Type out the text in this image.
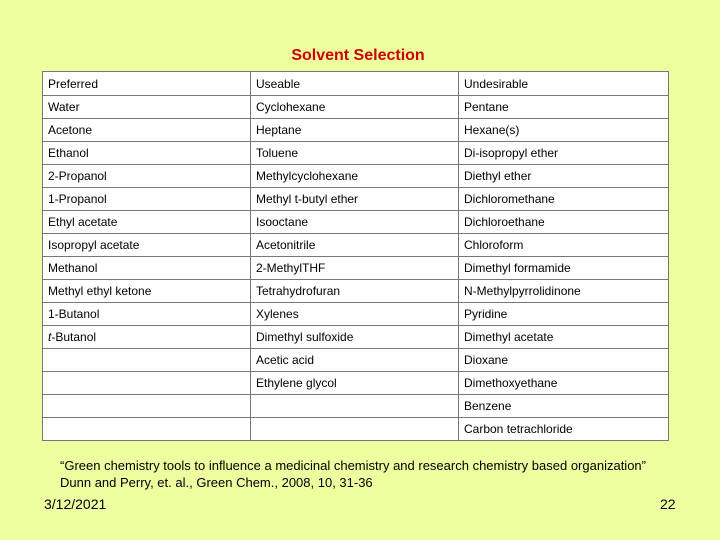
Solvent Selection
Preferred	Useable	Undesirable
Water	Cyclohexane	Pentane
Acetone	Heptane	Hexane(s)
Ethanol	Toluene	Di-isopropyl ether
2-Propanol	Methylcyclohexane	Diethyl ether
1-Propanol	Methyl t-butyl ether	Dichloromethane
Ethyl acetate	Isooctane	Dichloroethane
Isopropyl acetate	Acetonitrile	Chloroform
Methanol	2-MethylTHF	Dimethyl formamide
Methyl ethyl ketone	Tetrahydrofuran	N-Methylpyrrolidinone
1-Butanol	Xylenes	Pyridine
t-Butanol	Dimethyl sulfoxide	Dimethyl acetate
	Acetic acid	Dioxane
	Ethylene glycol	Dimethoxyethane
		Benzene
		Carbon tetrachloride
“Green chemistry tools to influence a medicinal chemistry and research chemistry based organization”
Dunn and Perry, et. al., Green Chem., 2008, 10, 31-36
3/12/2021	22
